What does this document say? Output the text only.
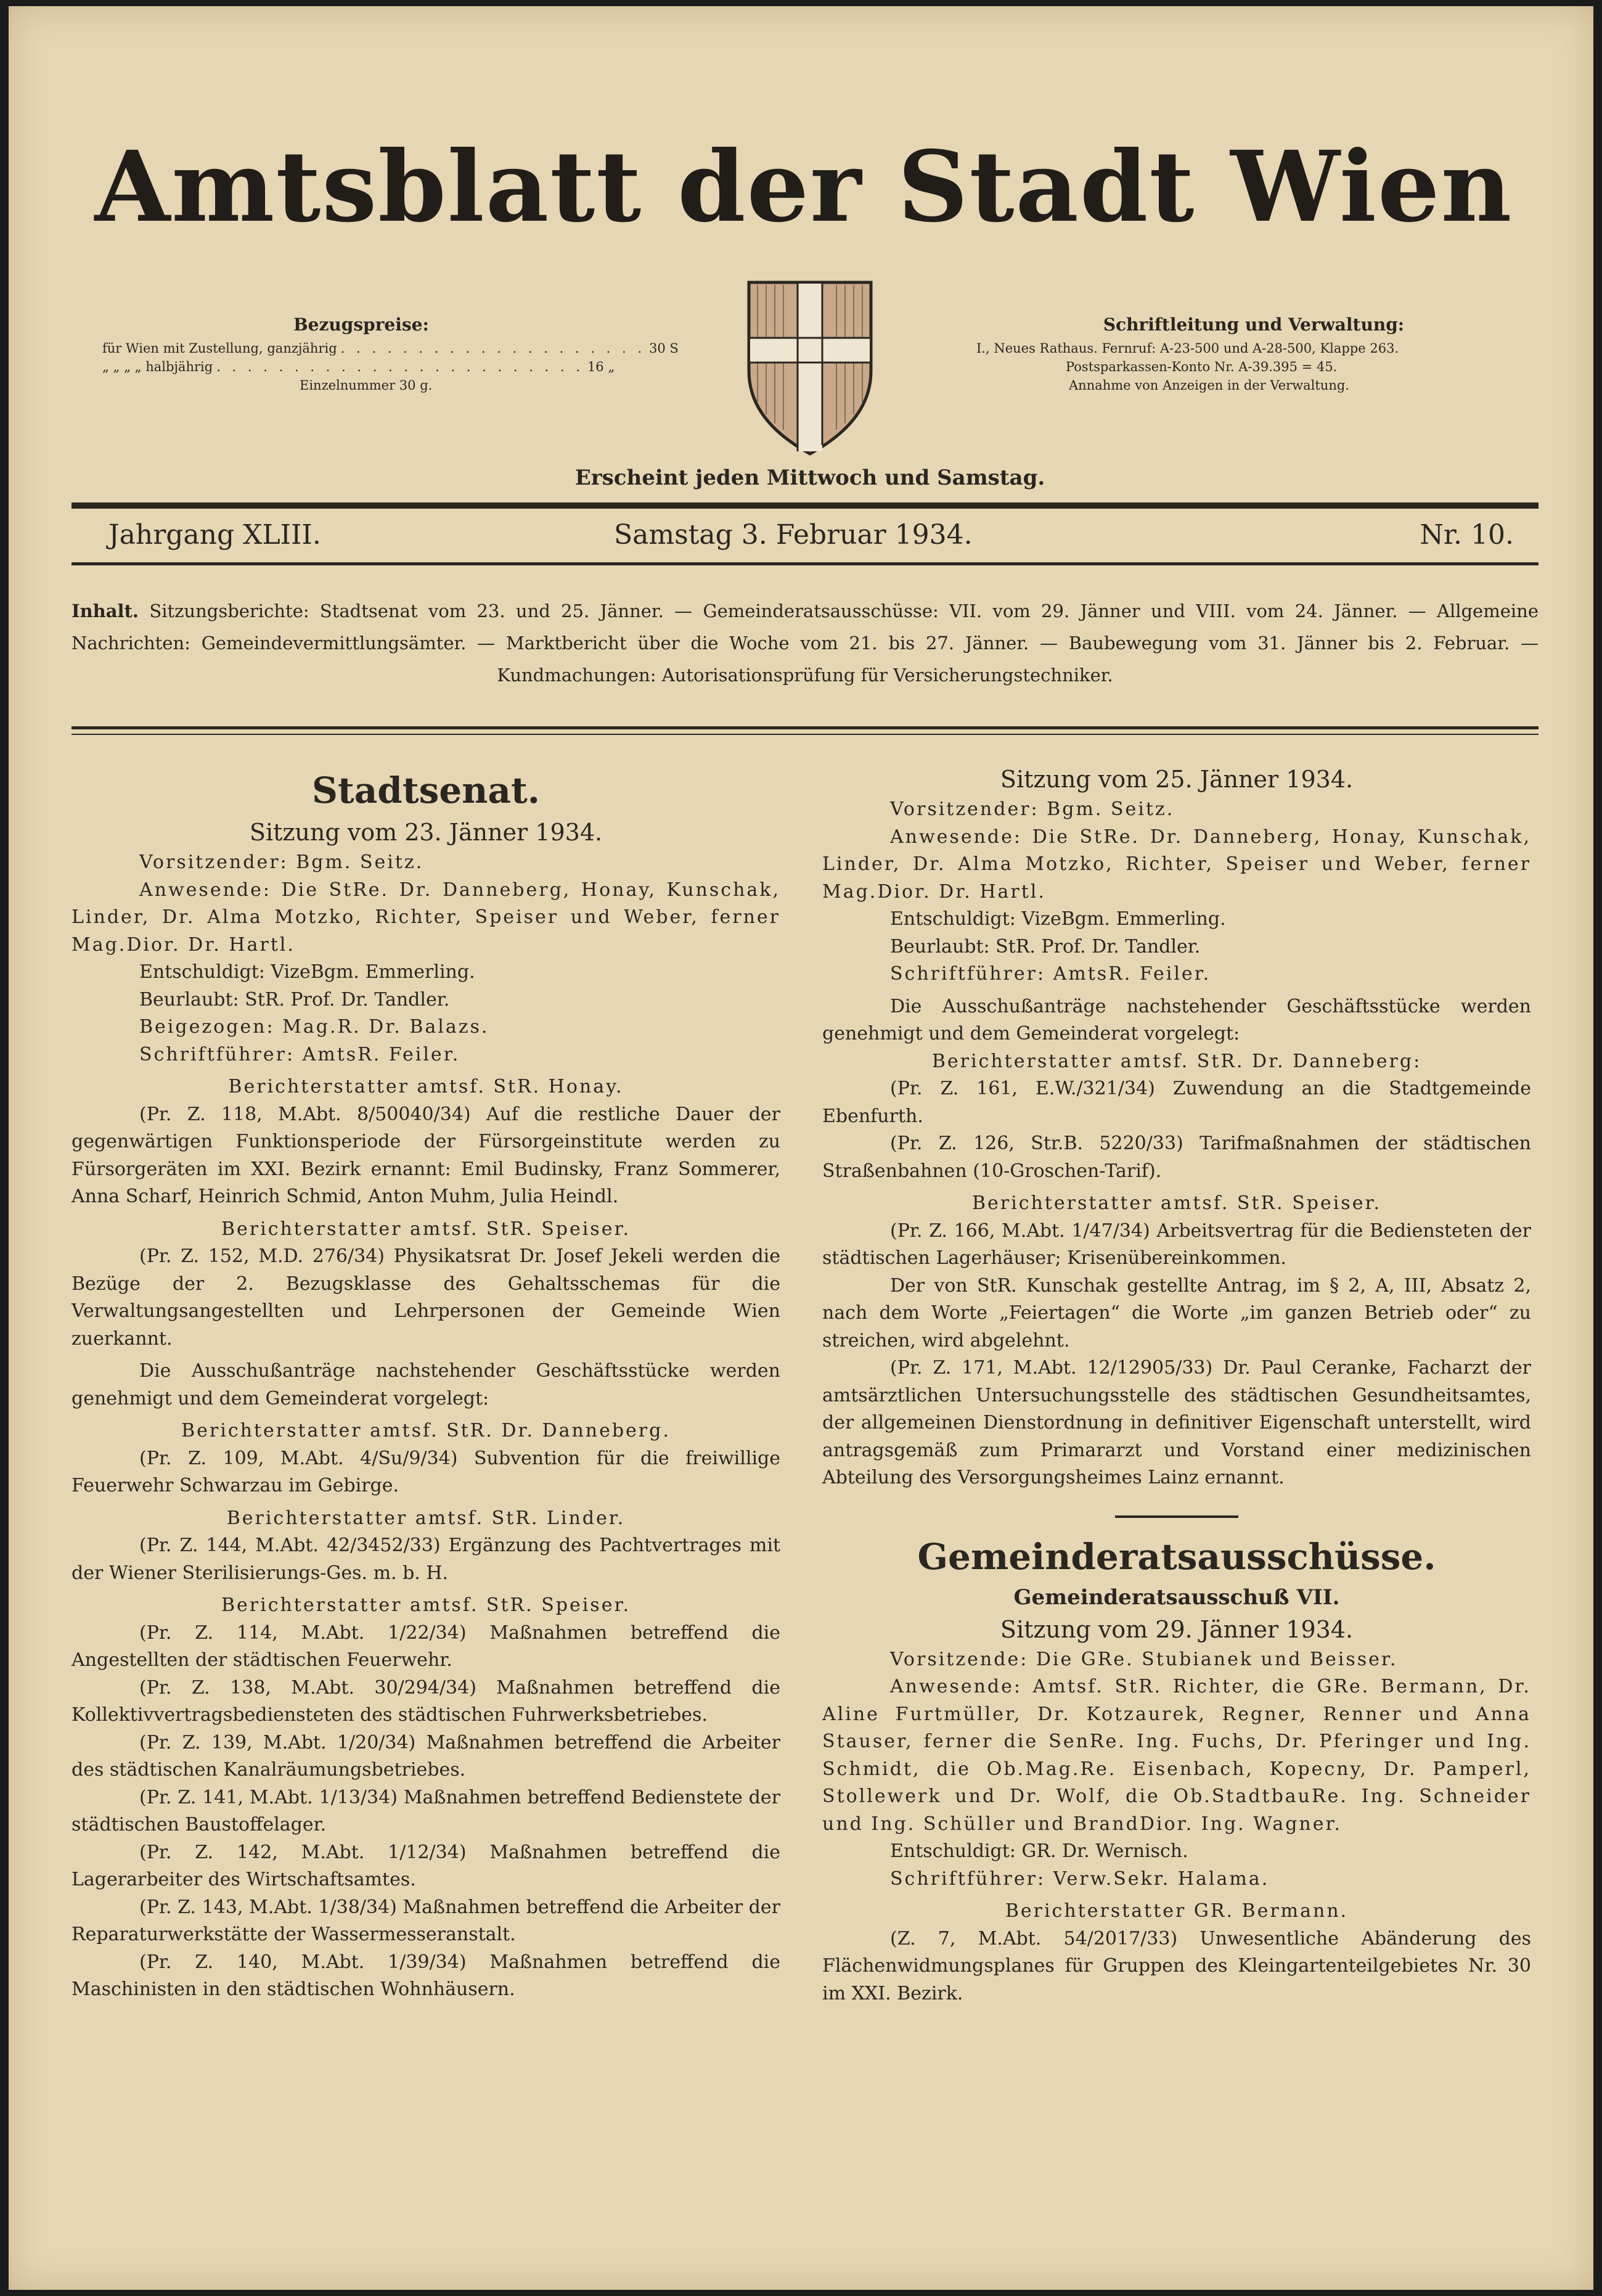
Amtsblatt der Stadt Wien
Bezugspreise:
für Wien mit Zustellung, ganzjährig . . . . . . . . . . . . . . . . . . . . 30 S
„ „ „ „ halbjährig . . . . . . . . . . . . . . . . . . . . . . . . 16 „
Einzelnummer 30 g.
Schriftleitung und Verwaltung:
I., Neues Rathaus. Fernruf: A-23-500 und A-28-500, Klappe 263.
Postsparkassen-Konto Nr. A-39.395 = 45.
Annahme von Anzeigen in der Verwaltung.
Erscheint jeden Mittwoch und Samstag.
Jahrgang XLIII.	Samstag 3. Februar 1934.	Nr. 10.
Inhalt. Sitzungsberichte: Stadtsenat vom 23. und 25. Jänner. — Gemeinderatsausschüsse: VII. vom 29. Jänner und VIII. vom 24. Jänner. — Allgemeine Nachrichten: Gemeindevermittlungsämter. — Marktbericht über die Woche vom 21. bis 27. Jänner. — Baubewegung vom 31. Jänner bis 2. Februar. — Kundmachungen: Autorisationsprüfung für Versicherungstechniker.
Stadtsenat.
Sitzung vom 23. Jänner 1934.

Vorsitzender: Bgm. Seitz.

Anwesende: Die StRe. Dr. Danneberg, Honay, Kunschak, Linder, Dr. Alma Motzko, Richter, Speiser und Weber, ferner Mag.Dior. Dr. Hartl.

Entschuldigt: VizeBgm. Emmerling.

Beurlaubt: StR. Prof. Dr. Tandler.

Beigezogen: Mag.R. Dr. Balazs.

Schriftführer: AmtsR. Feiler.

Berichterstatter amtsf. StR. Honay.

(Pr. Z. 118, M.Abt. 8/50040/34) Auf die restliche Dauer der gegenwärtigen Funktionsperiode der Fürsorgeinstitute werden zu Fürsorgeräten im XXI. Bezirk ernannt: Emil Budinsky, Franz Sommerer, Anna Scharf, Heinrich Schmid, Anton Muhm, Julia Heindl.

Berichterstatter amtsf. StR. Speiser.

(Pr. Z. 152, M.D. 276/34) Physikatsrat Dr. Josef Jekeli werden die Bezüge der 2. Bezugsklasse des Gehaltsschemas für die Verwaltungsangestellten und Lehrpersonen der Gemeinde Wien zuerkannt.

Die Ausschußanträge nachstehender Geschäftsstücke werden genehmigt und dem Gemeinderat vorgelegt:

Berichterstatter amtsf. StR. Dr. Danneberg.

(Pr. Z. 109, M.Abt. 4/Su/9/34) Subvention für die freiwillige Feuerwehr Schwarzau im Gebirge.

Berichterstatter amtsf. StR. Linder.

(Pr. Z. 144, M.Abt. 42/3452/33) Ergänzung des Pachtvertrages mit der Wiener Sterilisierungs-Ges. m. b. H.

Berichterstatter amtsf. StR. Speiser.

(Pr. Z. 114, M.Abt. 1/22/34) Maßnahmen betreffend die Angestellten der städtischen Feuerwehr.

(Pr. Z. 138, M.Abt. 30/294/34) Maßnahmen betreffend die Kollektivvertragsbediensteten des städtischen Fuhrwerksbetriebes.

(Pr. Z. 139, M.Abt. 1/20/34) Maßnahmen betreffend die Arbeiter des städtischen Kanalräumungsbetriebes.

(Pr. Z. 141, M.Abt. 1/13/34) Maßnahmen betreffend Bedienstete der städtischen Baustoffelager.

(Pr. Z. 142, M.Abt. 1/12/34) Maßnahmen betreffend die Lagerarbeiter des Wirtschaftsamtes.

(Pr. Z. 143, M.Abt. 1/38/34) Maßnahmen betreffend die Arbeiter der Reparaturwerkstätte der Wassermesseranstalt.

(Pr. Z. 140, M.Abt. 1/39/34) Maßnahmen betreffend die Maschinisten in den städtischen Wohnhäusern.

Sitzung vom 25. Jänner 1934.

Vorsitzender: Bgm. Seitz.

Anwesende: Die StRe. Dr. Danneberg, Honay, Kunschak, Linder, Dr. Alma Motzko, Richter, Speiser und Weber, ferner Mag.Dior. Dr. Hartl.

Entschuldigt: VizeBgm. Emmerling.

Beurlaubt: StR. Prof. Dr. Tandler.

Schriftführer: AmtsR. Feiler.

Die Ausschußanträge nachstehender Geschäftsstücke werden genehmigt und dem Gemeinderat vorgelegt:

Berichterstatter amtsf. StR. Dr. Danneberg:

(Pr. Z. 161, E.W./321/34) Zuwendung an die Stadtgemeinde Ebenfurth.

(Pr. Z. 126, Str.B. 5220/33) Tarifmaßnahmen der städtischen Straßenbahnen (10-Groschen-Tarif).

Berichterstatter amtsf. StR. Speiser.

(Pr. Z. 166, M.Abt. 1/47/34) Arbeitsvertrag für die Bediensteten der städtischen Lagerhäuser; Krisenübereinkommen.

Der von StR. Kunschak gestellte Antrag, im § 2, A, III, Absatz 2, nach dem Worte „Feiertagen“ die Worte „im ganzen Betrieb oder“ zu streichen, wird abgelehnt.

(Pr. Z. 171, M.Abt. 12/12905/33) Dr. Paul Ceranke, Facharzt der amtsärztlichen Untersuchungsstelle des städtischen Gesundheitsamtes, der allgemeinen Dienstordnung in definitiver Eigenschaft unterstellt, wird antragsgemäß zum Primararzt und Vorstand einer medizinischen Abteilung des Versorgungsheimes Lainz ernannt.

Gemeinderatsausschüsse.
Gemeinderatsausschuß VII.
Sitzung vom 29. Jänner 1934.

Vorsitzende: Die GRe. Stubianek und Beisser.

Anwesende: Amtsf. StR. Richter, die GRe. Bermann, Dr. Aline Furtmüller, Dr. Kotzaurek, Regner, Renner und Anna Stauser, ferner die SenRe. Ing. Fuchs, Dr. Pferinger und Ing. Schmidt, die Ob.Mag.Re. Eisenbach, Kopecny, Dr. Pamperl, Stollewerk und Dr. Wolf, die Ob.StadtbauRe. Ing. Schneider und Ing. Schüller und BrandDior. Ing. Wagner.

Entschuldigt: GR. Dr. Wernisch.

Schriftführer: Verw.Sekr. Halama.

Berichterstatter GR. Bermann.

(Z. 7, M.Abt. 54/2017/33) Unwesentliche Abänderung des Flächenwidmungsplanes für Gruppen des Kleingartenteilgebietes Nr. 30 im XXI. Bezirk.
